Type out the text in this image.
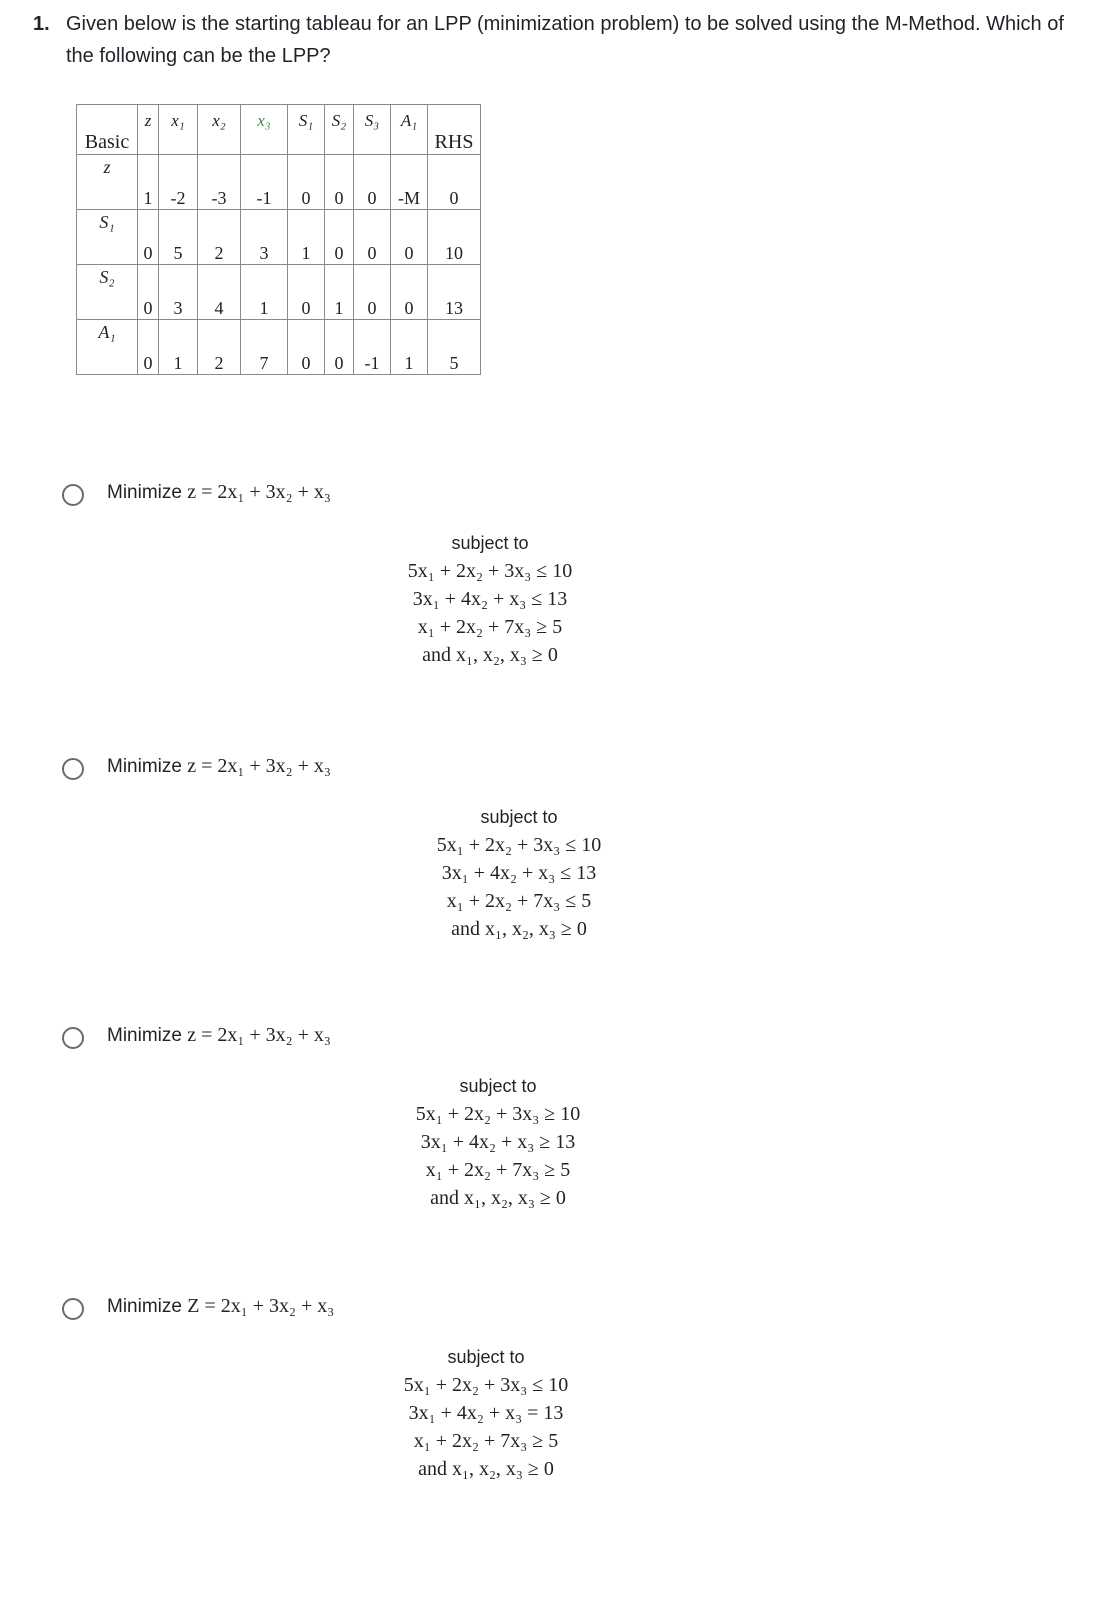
1. Given below is the starting tableau for an LPP (minimization problem) to be solved using the M-Method. Which of the following can be the LPP?
Basic	z	x₁	x₂	x₃	S₁	S₂	S₃	A₁	RHS

z	1	-2	-3	-1	0	0	0	-M	0

S₁	0	5	2	3	1	0	0	0	10

S₂	0	3	4	1	0	1	0	0	13

A₁	0	1	2	7	0	0	-1	1	5
Minimize z = 2x₁ + 3x₂ + x₃
subject to
5x₁ + 2x₂ + 3x₃ ≤ 10
3x₁ + 4x₂ + x₃ ≤ 13
x₁ + 2x₂ + 7x₃ ≥ 5
and x₁, x₂, x₃ ≥ 0
Minimize z = 2x₁ + 3x₂ + x₃
subject to
5x₁ + 2x₂ + 3x₃ ≤ 10
3x₁ + 4x₂ + x₃ ≤ 13
x₁ + 2x₂ + 7x₃ ≤ 5
and x₁, x₂, x₃ ≥ 0
Minimize z = 2x₁ + 3x₂ + x₃
subject to
5x₁ + 2x₂ + 3x₃ ≥ 10
3x₁ + 4x₂ + x₃ ≥ 13
x₁ + 2x₂ + 7x₃ ≥ 5
and x₁, x₂, x₃ ≥ 0
Minimize Z = 2x₁ + 3x₂ + x₃
subject to
5x₁ + 2x₂ + 3x₃ ≤ 10
3x₁ + 4x₂ + x₃ = 13
x₁ + 2x₂ + 7x₃ ≥ 5
and x₁, x₂, x₃ ≥ 0
